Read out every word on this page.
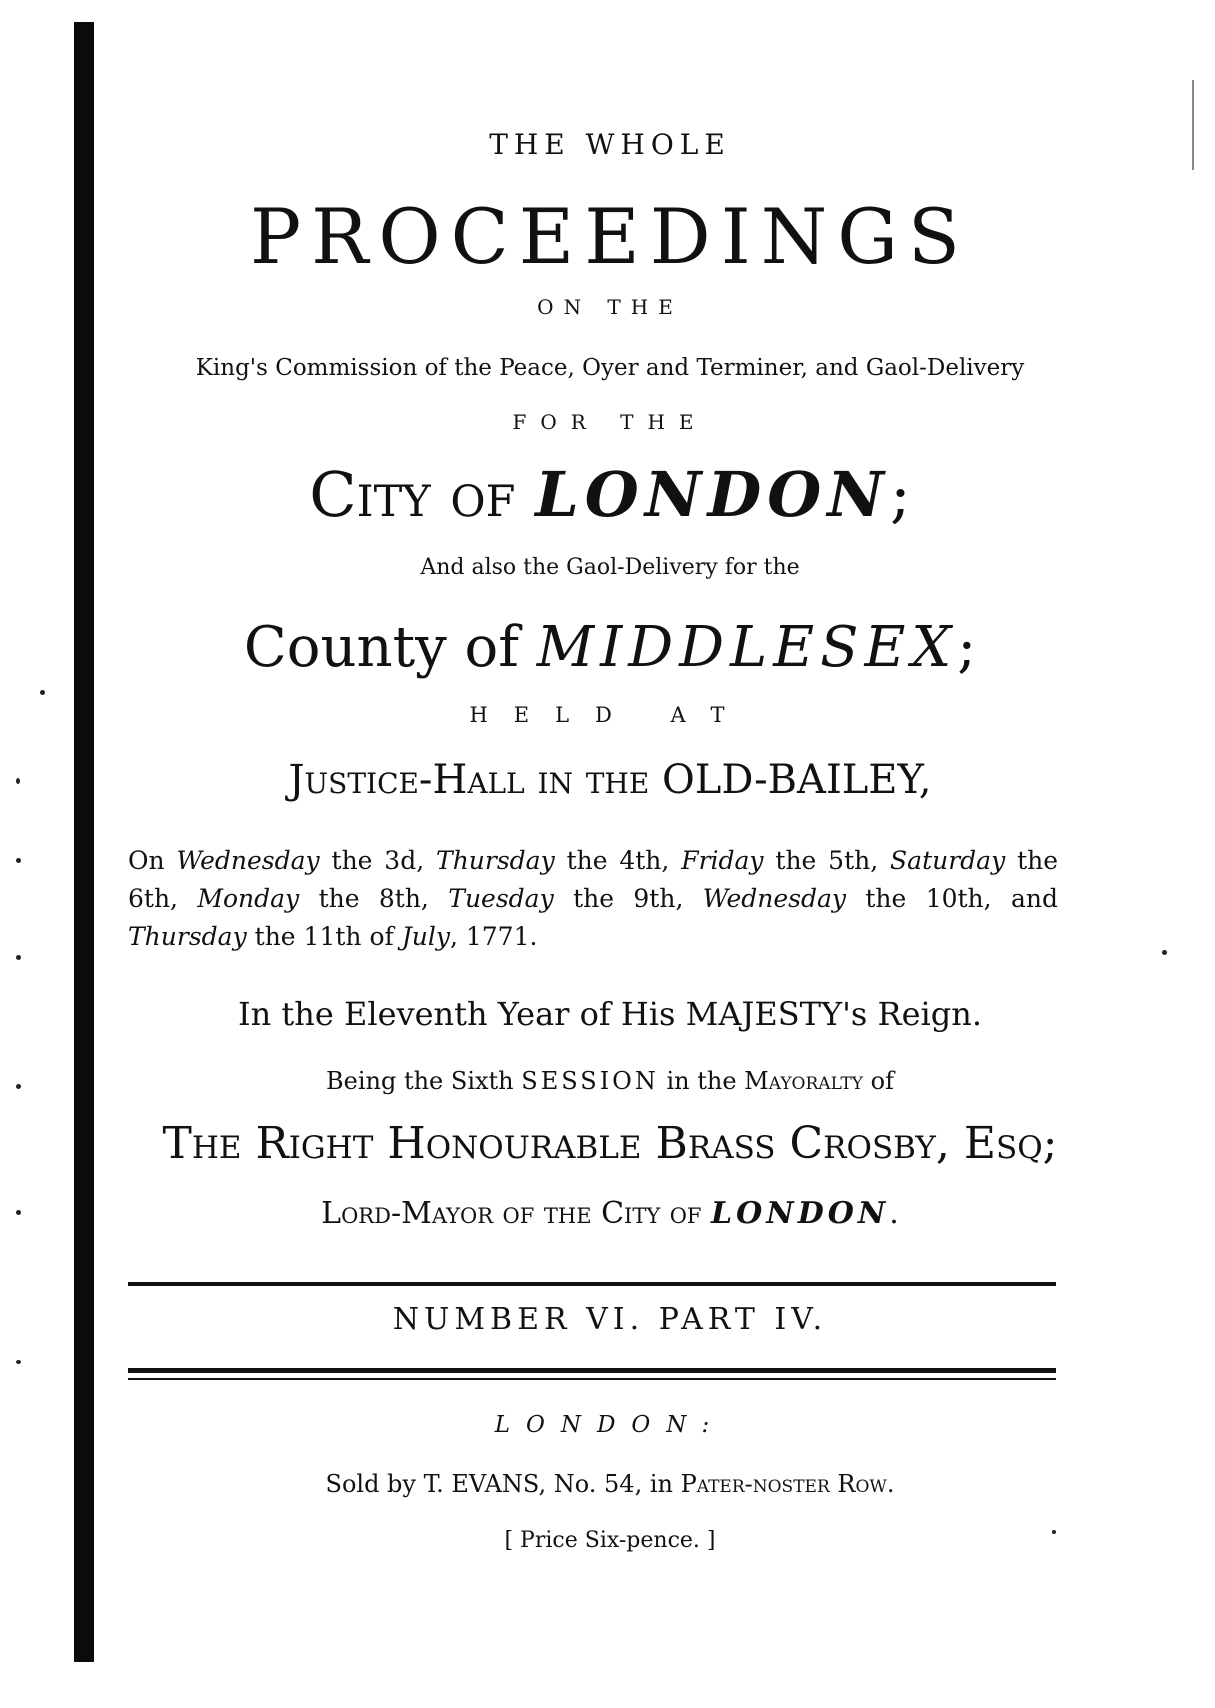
THE WHOLE
PROCEEDINGS
ON THE
King's Commission of the Peace, Oyer and Terminer, and Gaol-Delivery
FOR THE
City of LONDON;
And also the Gaol-Delivery for the
County of MIDDLESEX;
HELD AT
Justice-Hall in the OLD-BAILEY,
On Wednesday the 3d, Thursday the 4th, Friday the 5th, Saturday the 6th, Monday the 8th, Tuesday the 9th, Wednesday the 10th, and Thursday the 11th of July, 1771.
In the Eleventh Year of His MAJESTY's Reign.
Being the Sixth SESSION in the Mayoralty of
The Right Honourable Brass Crosby, Esq;
Lord-Mayor of the City of LONDON.
NUMBER VI. PART IV.
LONDON:
Sold by T. EVANS, No. 54, in Pater-noster Row.
[ Price Six-pence. ]
